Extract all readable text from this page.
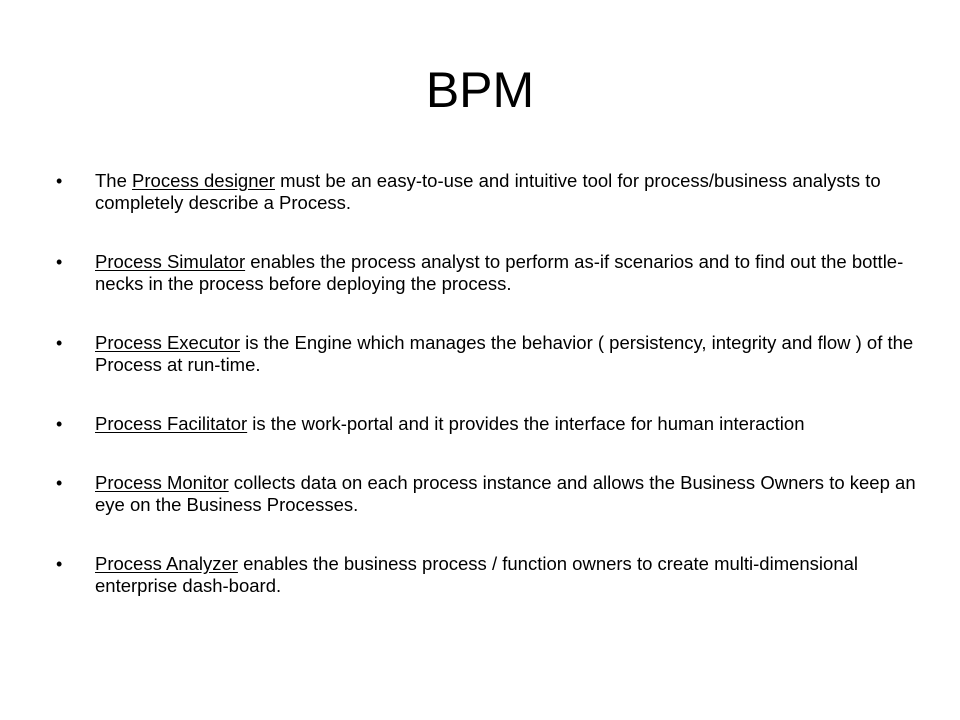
BPM
•	The Process designer must be an easy-to-use and intuitive tool for process/business analysts to completely describe a Process.
•	Process Simulator enables the process analyst to perform as-if scenarios and to find out the bottle-necks in the process before deploying the process.
•	Process Executor is the Engine which manages the behavior ( persistency, integrity and flow ) of the Process at run-time.
•	Process Facilitator is the work-portal and it provides the interface for human interaction
•	Process Monitor collects data on each process instance and allows the Business Owners to keep an eye on the Business Processes.
•	Process Analyzer enables the business process / function owners to create multi-dimensional enterprise dash-board.
